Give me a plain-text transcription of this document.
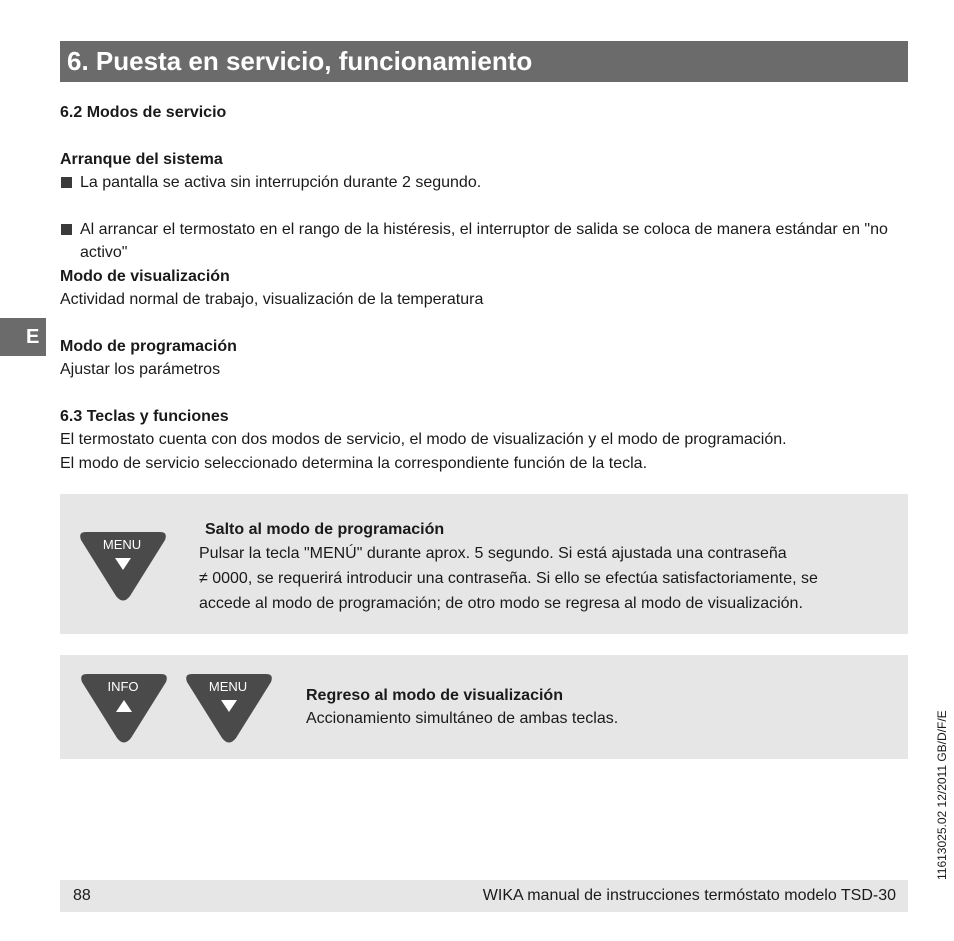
6. Puesta en servicio, funcionamiento
E
6.2 Modos de servicio
Arranque del sistema
La pantalla se activa sin interrupción durante 2 segundo.
Al arrancar el termostato en el rango de la histéresis, el interruptor de salida se coloca de manera estándar en "no activo"
Modo de visualización
Actividad normal de trabajo, visualización de la temperatura
Modo de programación
Ajustar los parámetros
6.3 Teclas y funciones
El termostato cuenta con dos modos de servicio, el modo de visualización y el modo de programación.
El modo de servicio seleccionado determina la correspondiente función de la tecla.
MENU
Salto al modo de programación
Pulsar la tecla "MENÚ" durante aprox. 5 segundo. Si está ajustada una contraseña
≠ 0000, se requerirá introducir una contraseña. Si ello se efectúa satisfactoriamente, se
accede al modo de programación; de otro modo se regresa al modo de visualización.
INFO	MENU
Regreso al modo de visualización
Accionamiento simultáneo de ambas teclas.	11613025.02 12/2011 GB/D/F/E
88	WIKA manual de instrucciones termóstato modelo TSD-30
